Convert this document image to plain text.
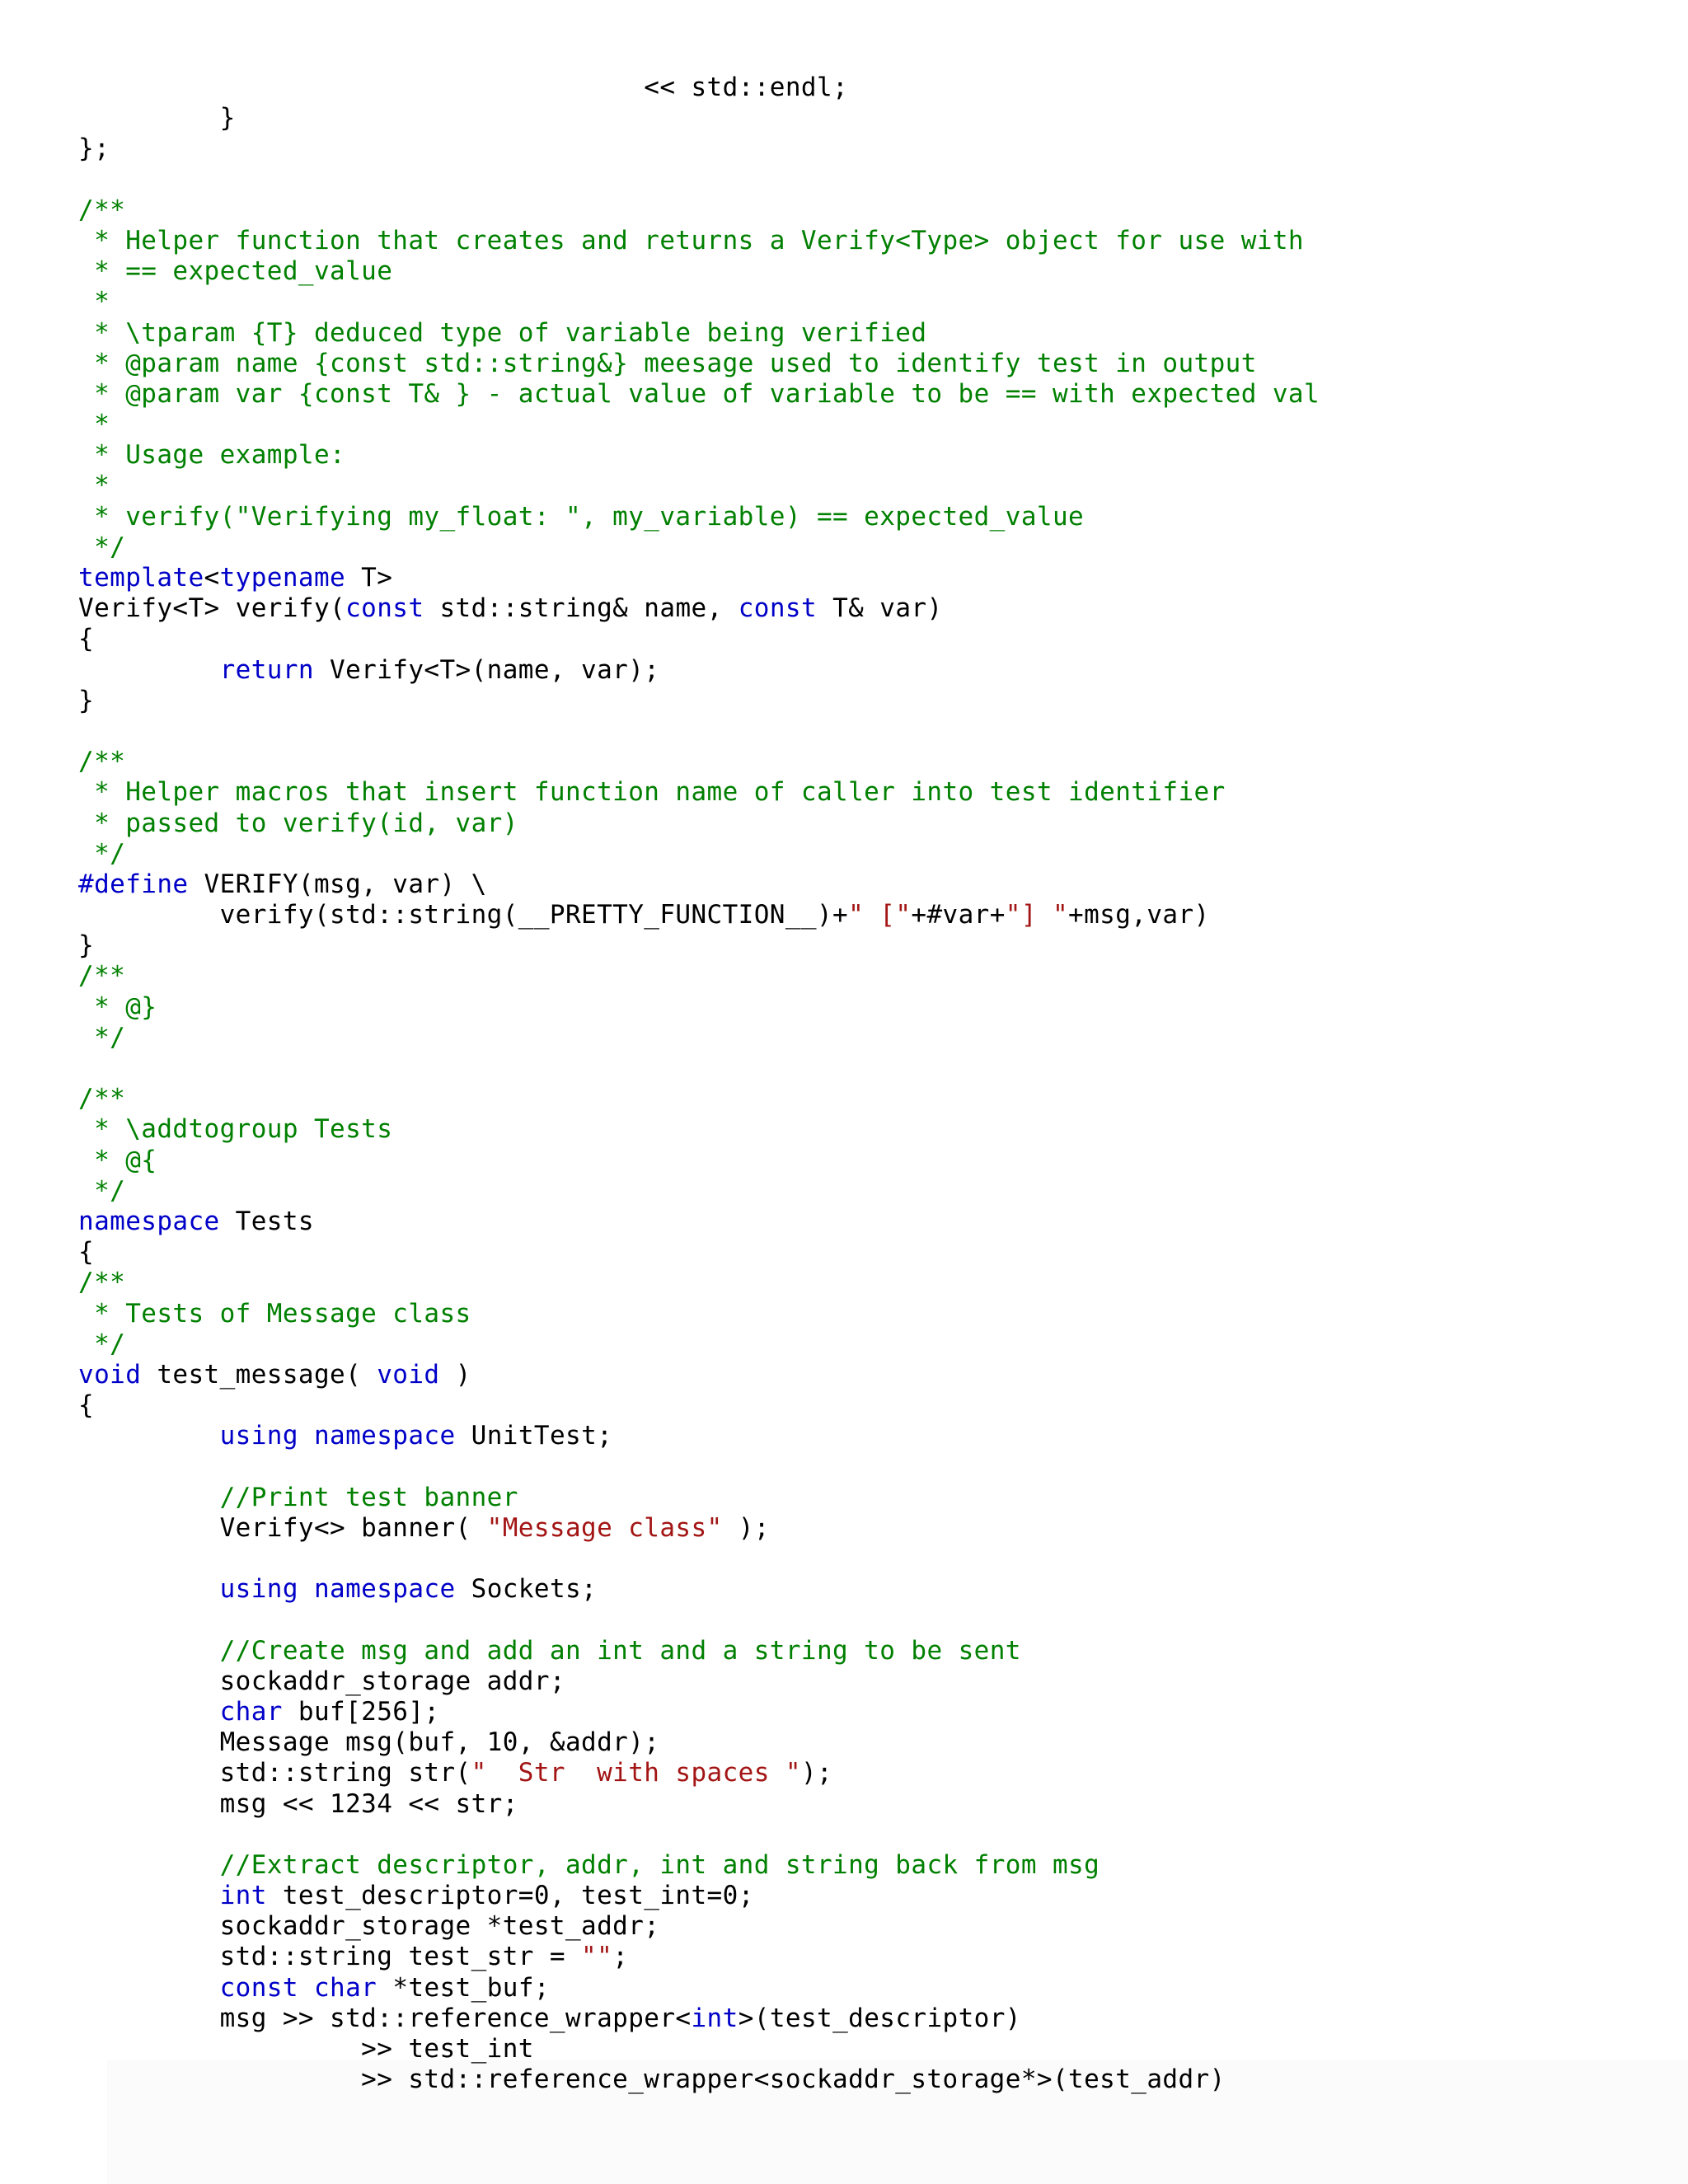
<< std::endl;
}
};

/**
* Helper function that creates and returns a Verify<Type> object for use with
* == expected_value
*
* \tparam {T} deduced type of variable being verified
* @param name {const std::string&} meesage used to identify test in output
* @param var {const T& } - actual value of variable to be == with expected val
*
* Usage example:
*
* verify("Verifying my_float: ", my_variable) == expected_value
*/
template<typename T>
Verify<T> verify(const std::string& name, const T& var)
{
return Verify<T>(name, var);
}

/**
* Helper macros that insert function name of caller into test identifier
* passed to verify(id, var)
*/
#define VERIFY(msg, var) \
verify(std::string(__PRETTY_FUNCTION__)+" ["+#var+"] "+msg,var)
}
/**
* @}
*/

/**
* \addtogroup Tests
* @{
*/
namespace Tests
{
/**
* Tests of Message class
*/
void test_message( void )
{
using namespace UnitTest;

//Print test banner
Verify<> banner( "Message class" );

using namespace Sockets;

//Create msg and add an int and a string to be sent
sockaddr_storage addr;
char buf[256];
Message msg(buf, 10, &addr);
std::string str("  Str  with spaces ");
msg << 1234 << str;

//Extract descriptor, addr, int and string back from msg
int test_descriptor=0, test_int=0;
sockaddr_storage *test_addr;
std::string test_str = "";
const char *test_buf;
msg >> std::reference_wrapper<int>(test_descriptor)
>> test_int
>> std::reference_wrapper<sockaddr_storage*>(test_addr)
